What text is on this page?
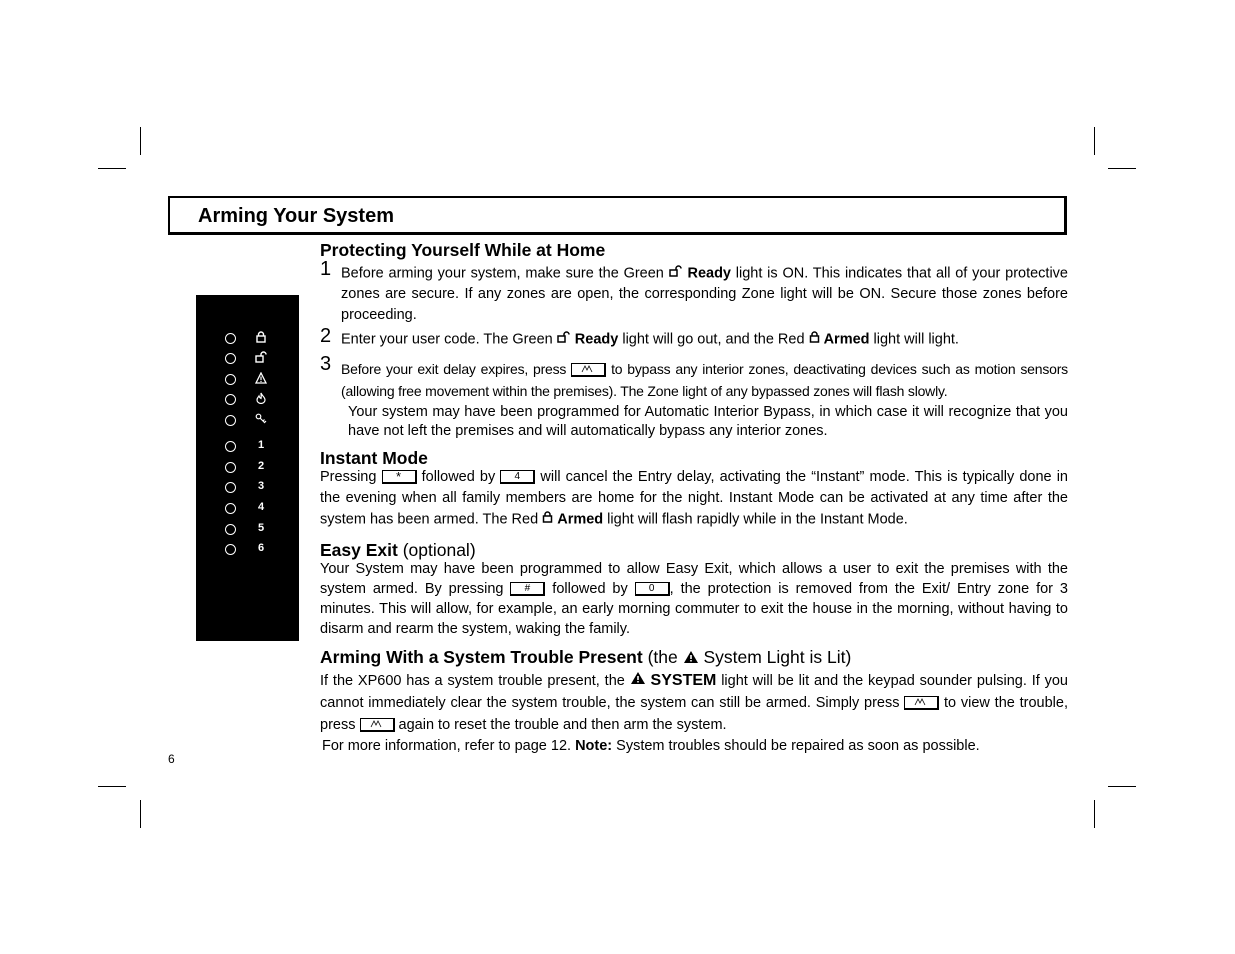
Arming Your System
1
2
3
4
5
6
Protecting Yourself While at Home
1 Before arming your system, make sure the Green  Ready light is ON. This indicates that all of your protective zones are secure. If any zones are open, the corresponding Zone light will be ON. Secure those zones before proceeding.

2 Enter your user code. The Green  Ready light will go out, and the Red  Armed light will light.

3 Before your exit delay expires, press	to bypass any interior zones, deactivating devices such as motion sensors (allowing free movement within the premises). The Zone light of any bypassed zones will flash slowly.

Your system may have been programmed for Automatic Interior Bypass, in which case it will recognize that you have not left the premises and will automatically bypass any interior zones.

Instant Mode

Pressing * followed by 4 will cancel the Entry delay, activating the “Instant” mode. This is typically done in the evening when all family members are home for the night. Instant Mode can be activated at any time after the system has been armed. The Red  Armed light will flash rapidly while in the Instant Mode.

Easy Exit (optional)

Your System may have been programmed to allow Easy Exit, which allows a user to exit the premises with the system armed. By pressing # followed by 0 , the protection is removed from the Exit/ Entry zone for 3 minutes. This will allow, for example, an early morning commuter to exit the house in the morning, without having to disarm and rearm the system, waking the family.

Arming With a System Trouble Present (the  System Light is Lit)

If the XP600 has a system trouble present, the  SYSTEM light will be lit and the keypad sounder pulsing. If you cannot immediately clear the system trouble, the system can still be armed. Simply press  to view the trouble, press  again to reset the trouble and then arm the system.

For more information, refer to page 12. Note: System troubles should be repaired as soon as possible.

6
